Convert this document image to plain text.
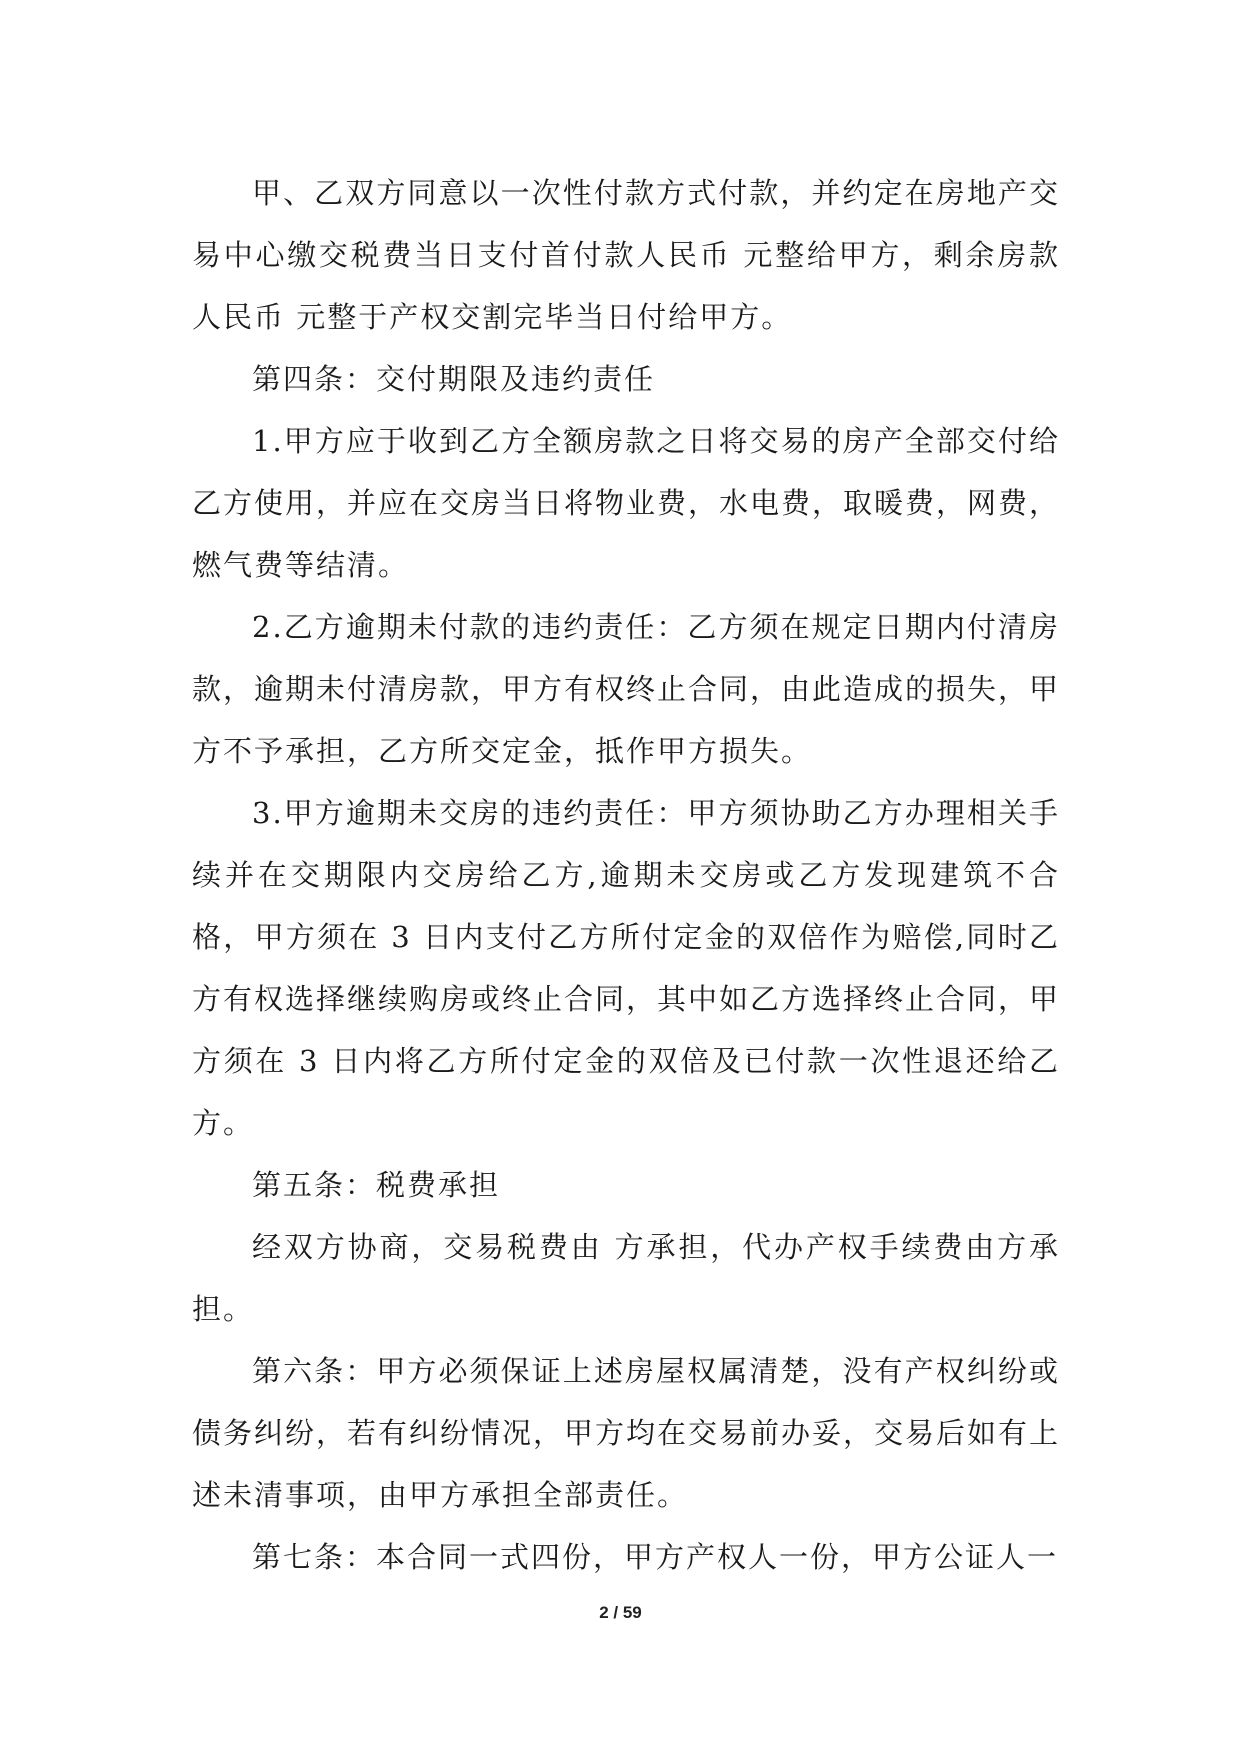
甲、乙双方同意以一次性付款方式付款，并约定在房地产交易中心缴交税费当日支付首付款人民币 元整给甲方，剩余房款人民币 元整于产权交割完毕当日付给甲方。

第四条：交付期限及违约责任

1.甲方应于收到乙方全额房款之日将交易的房产全部交付给乙方使用，并应在交房当日将物业费，水电费，取暖费，网费，燃气费等结清。

2.乙方逾期未付款的违约责任：乙方须在规定日期内付清房款，逾期未付清房款，甲方有权终止合同，由此造成的损失，甲方不予承担，乙方所交定金，抵作甲方损失。

3.甲方逾期未交房的违约责任：甲方须协助乙方办理相关手续并在交期限内交房给乙方,逾期未交房或乙方发现建筑不合格，甲方须在 3 日内支付乙方所付定金的双倍作为赔偿,同时乙方有权选择继续购房或终止合同，其中如乙方选择终止合同，甲方须在 3 日内将乙方所付定金的双倍及已付款一次性退还给乙方。

第五条：税费承担

经双方协商，交易税费由 方承担，代办产权手续费由方承担。

第六条：甲方必须保证上述房屋权属清楚，没有产权纠纷或债务纠纷，若有纠纷情况，甲方均在交易前办妥，交易后如有上述未清事项，由甲方承担全部责任。

第七条：本合同一式四份，甲方产权人一份，甲方公证人一

2 / 59
